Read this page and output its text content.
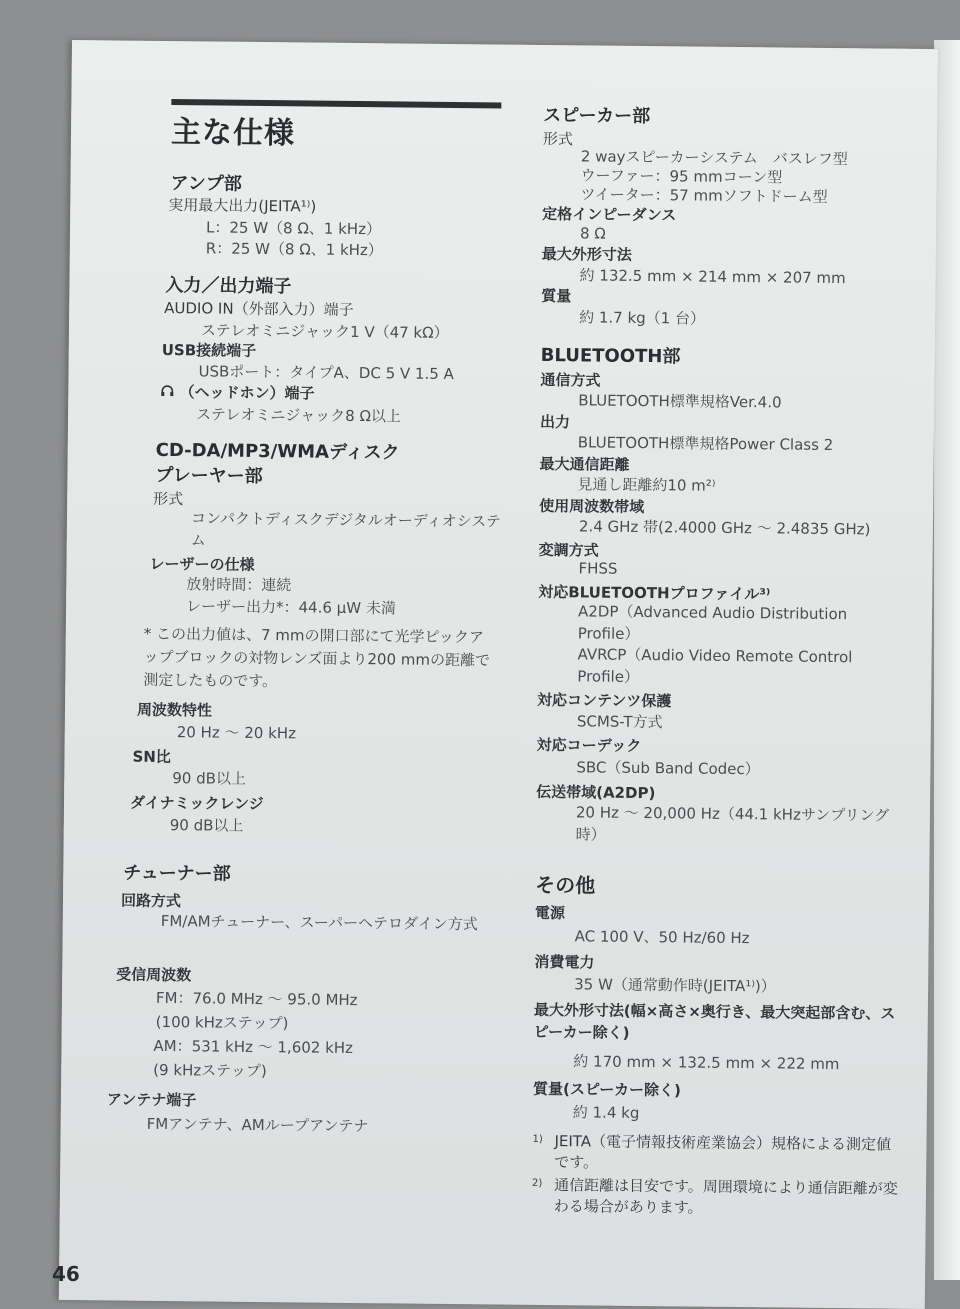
主な仕様
アンプ部
実用最大出力(JEITA¹⁾)
L：25 W（8 Ω、1 kHz）
R：25 W（8 Ω、1 kHz）
入力／出力端子
AUDIO IN（外部入力）端子
ステレオミニジャック1 V（47 kΩ）
USB接続端子
USBポート：タイプA、DC 5 V 1.5 A
（ヘッドホン）端子
ステレオミニジャック8 Ω以上
CD-DA/MP3/WMAディスク
プレーヤー部
形式
コンパクトディスクデジタルオーディオシステム
レーザーの仕様
放射時間：連続
レーザー出力*：44.6 μW 未満
* この出力値は、7 mmの開口部にて光学ピックアップブロックの対物レンズ面より200 mmの距離で測定したものです。
周波数特性
20 Hz ～ 20 kHz
SN比
90 dB以上
ダイナミックレンジ
90 dB以上
チューナー部
回路方式
FM/AMチューナー、スーパーヘテロダイン方式
受信周波数
FM：76.0 MHz ～ 95.0 MHz
(100 kHzステップ)
AM：531 kHz ～ 1,602 kHz
(9 kHzステップ)
アンテナ端子
FMアンテナ、AMループアンテナ
スピーカー部
形式
2 wayスピーカーシステム　バスレフ型
ウーファー：95 mmコーン型
ツイーター：57 mmソフトドーム型
定格インピーダンス
8 Ω
最大外形寸法
約 132.5 mm × 214 mm × 207 mm
質量
約 1.7 kg（1 台）
BLUETOOTH部
通信方式
BLUETOOTH標準規格Ver.4.0
出力
BLUETOOTH標準規格Power Class 2
最大通信距離
見通し距離約10 m²⁾
使用周波数帯域
2.4 GHz 帯(2.4000 GHz ～ 2.4835 GHz)
変調方式
FHSS
対応BLUETOOTHプロファイル³⁾
A2DP（Advanced Audio Distribution Profile）
AVRCP（Audio Video Remote Control Profile）
対応コンテンツ保護
SCMS-T方式
対応コーデック
SBC（Sub Band Codec）
伝送帯域(A2DP)
20 Hz ～ 20,000 Hz（44.1 kHzサンプリング時）
その他
電源
AC 100 V、50 Hz/60 Hz
消費電力
35 W（通常動作時(JEITA¹⁾)）
最大外形寸法(幅×高さ×奥行き、最大突起部含む、スピーカー除く)
約 170 mm × 132.5 mm × 222 mm
質量(スピーカー除く)
約 1.4 kg
1) JEITA（電子情報技術産業協会）規格による測定値です。
2) 通信距離は目安です。周囲環境により通信距離が変わる場合があります。
46
